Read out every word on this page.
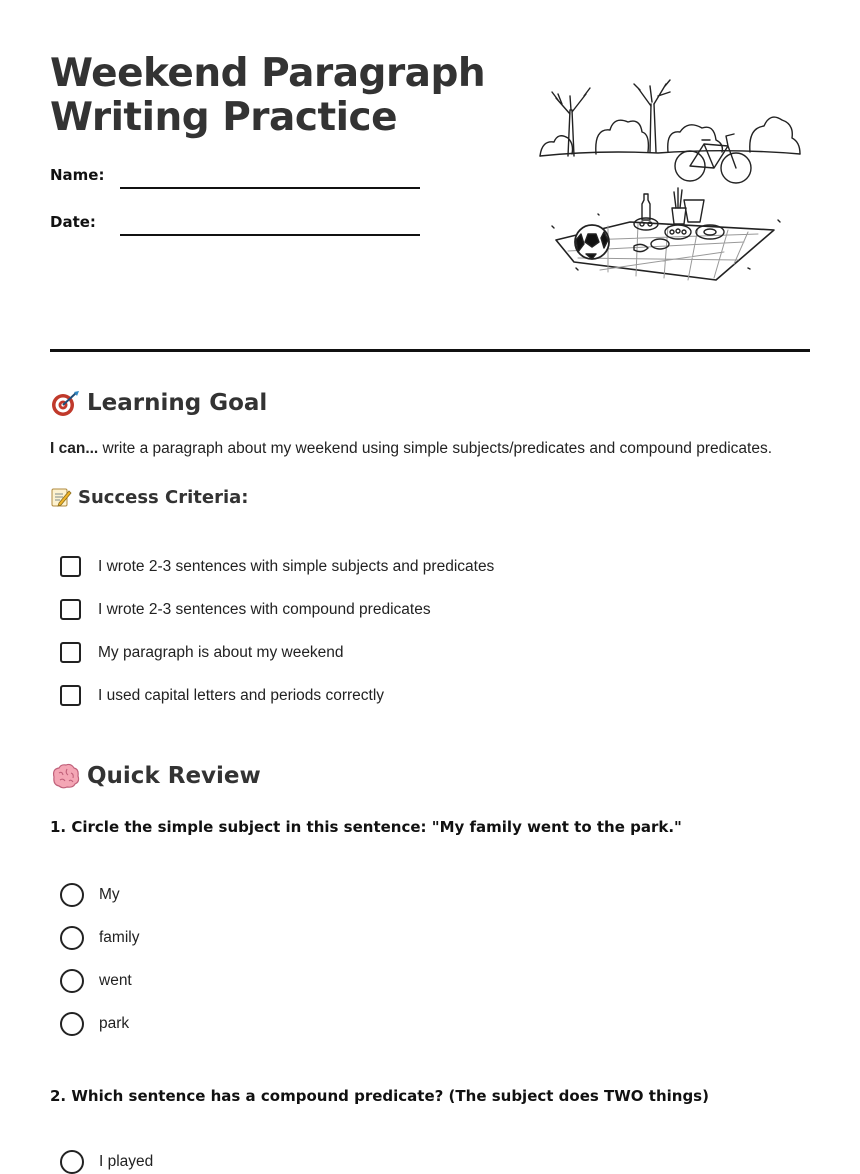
Weekend Paragraph
Writing Practice
Name:
Date:
Learning Goal
I can... write a paragraph about my weekend using simple subjects/predicates and compound predicates.
Success Criteria:
I wrote 2-3 sentences with simple subjects and predicates
I wrote 2-3 sentences with compound predicates
My paragraph is about my weekend
I used capital letters and periods correctly
Quick Review

1. Circle the simple subject in this sentence: "My family went to the park."

My
family
went
park

2. Which sentence has a compound predicate? (The subject does TWO things)

I played
